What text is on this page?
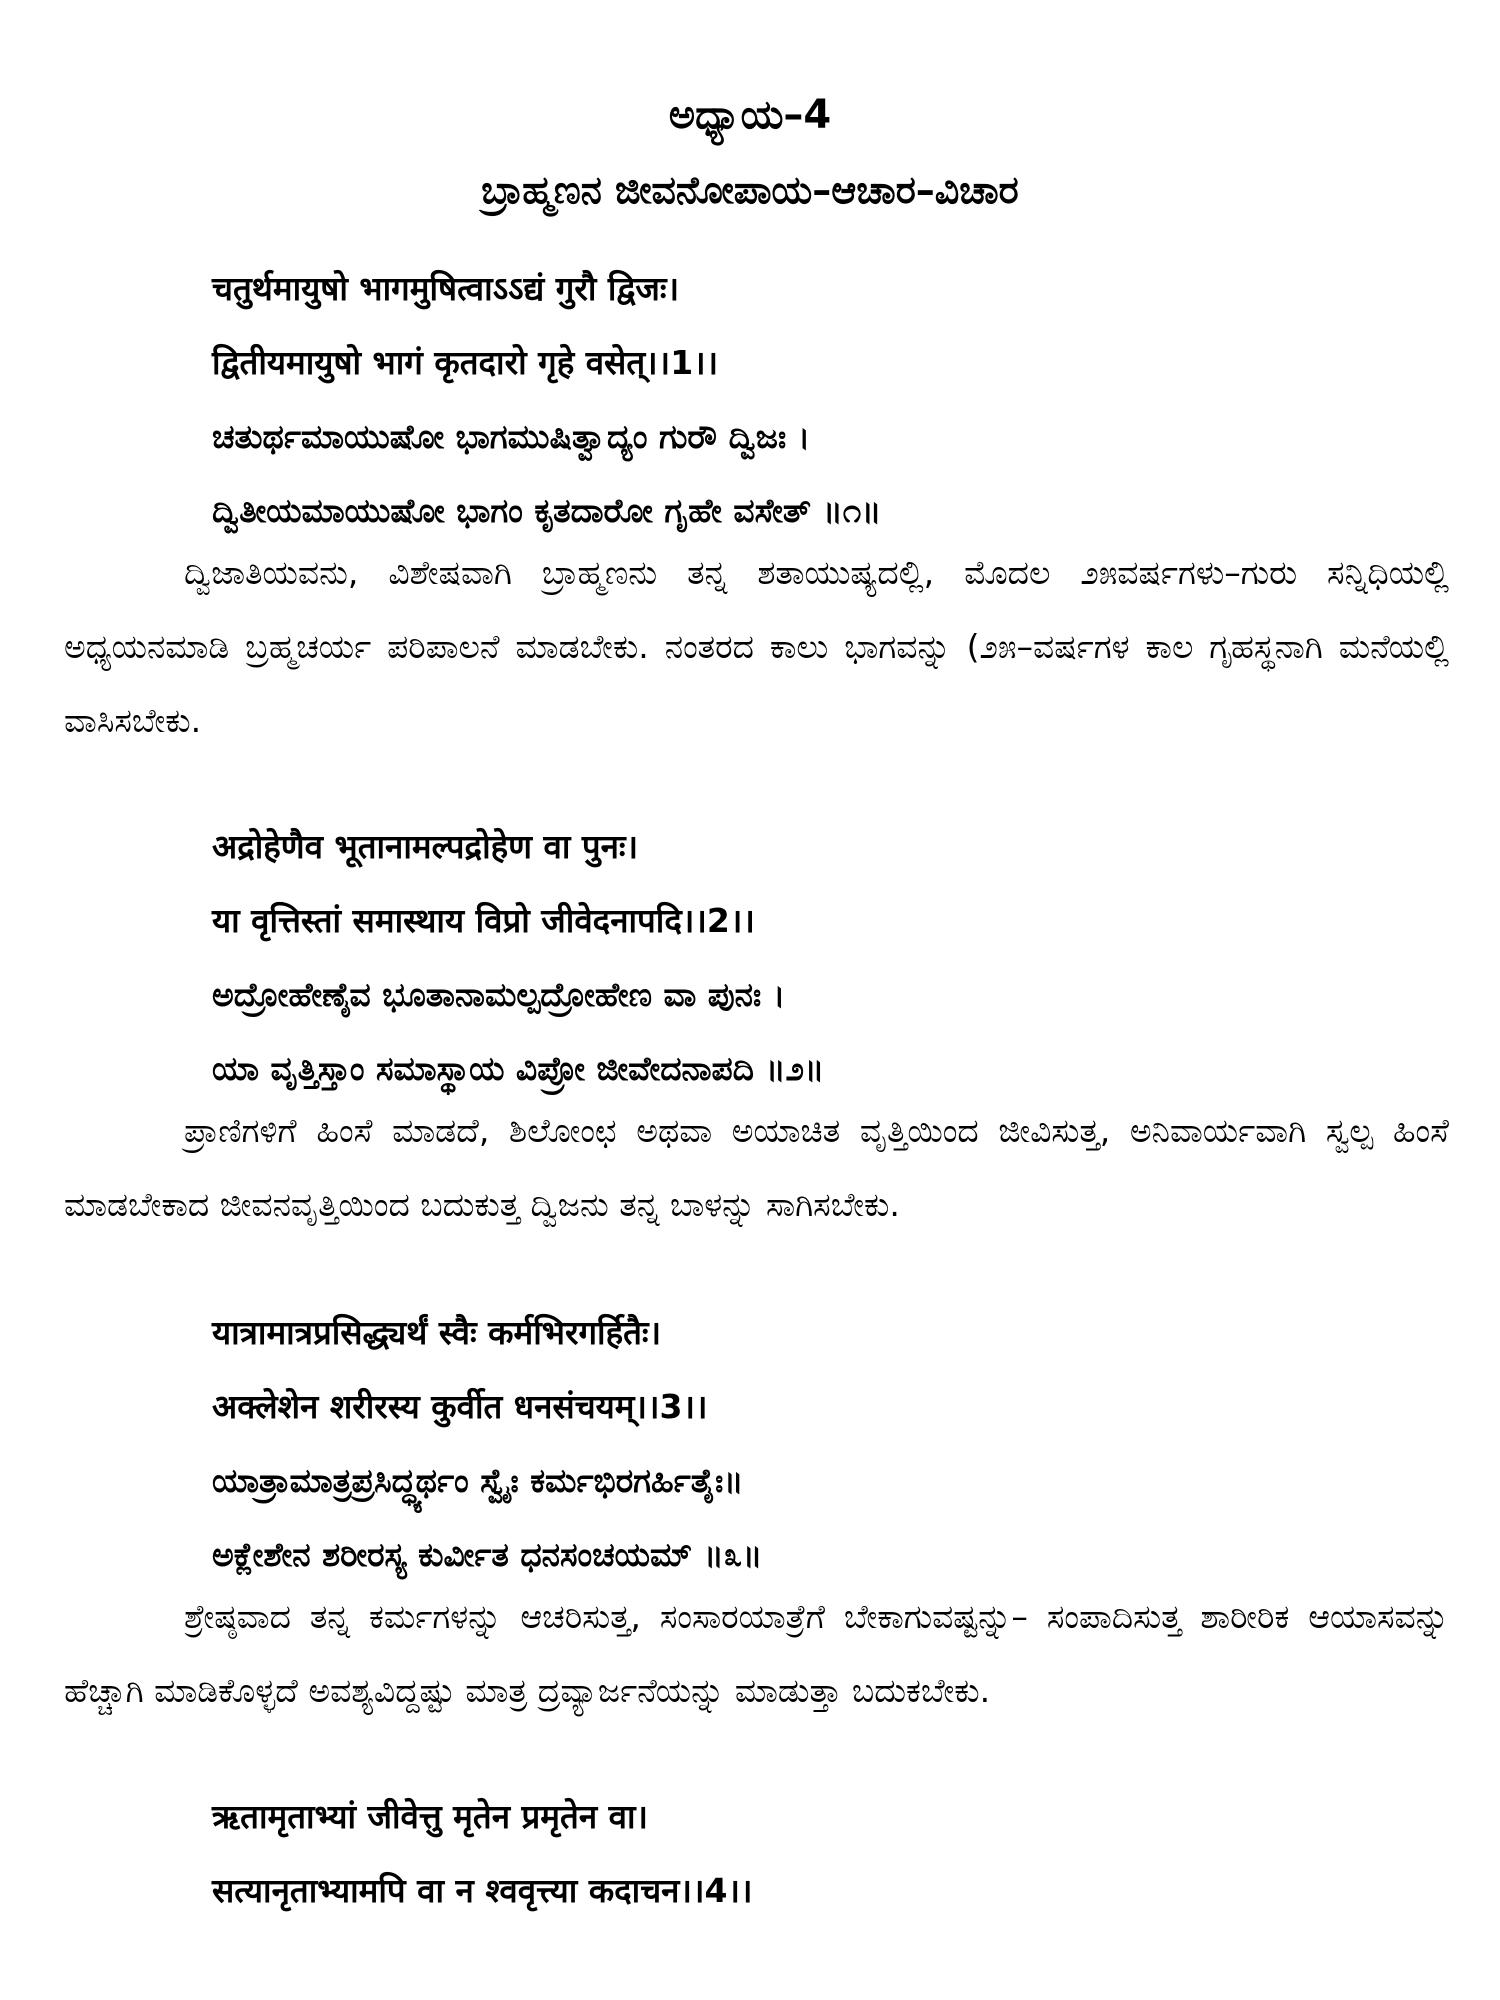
ಅಧ್ಯಾಯ–4
ಬ್ರಾಹ್ಮಣನ ಜೀವನೋಪಾಯ–ಆಚಾರ–ವಿಚಾರ
चतुर्थमायुषो भागमुषित्वाऽऽद्यं गुरौ द्विजः।
द्वितीयमायुषो भागं कृतदारो गृहे वसेत्।।1।।
ಚತುರ್ಥಮಾಯುಷೋ ಭಾಗಮುಷಿತ್ವಾದ್ಯಂ ಗುರೌ ದ್ವಿಜಃ ।
ದ್ವಿತೀಯಮಾಯುಷೋ ಭಾಗಂ ಕೃತದಾರೋ ಗೃಹೇ ವಸೇತ್ ॥೧॥
ದ್ವಿಜಾತಿಯವನು, ವಿಶೇಷವಾಗಿ ಬ್ರಾಹ್ಮಣನು ತನ್ನ ಶತಾಯುಷ್ಯದಲ್ಲಿ, ಮೊದಲ ೨೫ವರ್ಷಗಳು–ಗುರು ಸನ್ನಿಧಿಯಲ್ಲಿ ಅಧ್ಯಯನಮಾಡಿ ಬ್ರಹ್ಮಚರ್ಯ ಪರಿಪಾಲನೆ ಮಾಡಬೇಕು. ನಂತರದ ಕಾಲು ಭಾಗವನ್ನು (೨೫–ವರ್ಷಗಳ ಕಾಲ ಗೃಹಸ್ಥನಾಗಿ ಮನೆಯಲ್ಲಿ ವಾಸಿಸಬೇಕು.
अद्रोहेणैव भूतानामल्पद्रोहेण वा पुनः।
या वृत्तिस्तां समास्थाय विप्रो जीवेदनापदि।।2।।
ಅದ್ರೋಹೇಣೈವ ಭೂತಾನಾಮಲ್ಪದ್ರೋಹೇಣ ವಾ ಪುನಃ ।
ಯಾ ವೃತ್ತಿಸ್ತಾಂ ಸಮಾಸ್ಥಾಯ ವಿಪ್ರೋ ಜೀವೇದನಾಪದಿ ॥೨॥
ಪ್ರಾಣಿಗಳಿಗೆ ಹಿಂಸೆ ಮಾಡದೆ, ಶಿಲೋಂಛ ಅಥವಾ ಅಯಾಚಿತ ವೃತ್ತಿಯಿಂದ ಜೀವಿಸುತ್ತ, ಅನಿವಾರ್ಯವಾಗಿ ಸ್ವಲ್ಪ ಹಿಂಸೆ ಮಾಡಬೇಕಾದ ಜೀವನವೃತ್ತಿಯಿಂದ ಬದುಕುತ್ತ ದ್ವಿಜನು ತನ್ನ ಬಾಳನ್ನು ಸಾಗಿಸಬೇಕು.
यात्रामात्रप्रसिद्ध्यर्थं स्वैः कर्मभिरगर्हितैः।
अक्लेशेन शरीरस्य कुर्वीत धनसंचयम्।।3।।
ಯಾತ್ರಾಮಾತ್ರಪ್ರಸಿದ್ಧ್ಯರ್ಥಂ ಸ್ವೈಃ ಕರ್ಮಭಿರಗರ್ಹಿತೈಃ॥
ಅಕ್ಲೇಶೇನ ಶರೀರಸ್ಯ ಕುರ್ವೀತ ಧನಸಂಚಯಮ್ ॥೩॥
ಶ್ರೇಷ್ಠವಾದ ತನ್ನ ಕರ್ಮಗಳನ್ನು ಆಚರಿಸುತ್ತ, ಸಂಸಾರಯಾತ್ರೆಗೆ ಬೇಕಾಗುವಷ್ಟನ್ನು– ಸಂಪಾದಿಸುತ್ತ ಶಾರೀರಿಕ ಆಯಾಸವನ್ನು ಹೆಚ್ಚಾಗಿ ಮಾಡಿಕೊಳ್ಳದೆ ಅವಶ್ಯವಿದ್ದಷ್ಟು ಮಾತ್ರ ದ್ರವ್ಯಾರ್ಜನೆಯನ್ನು ಮಾಡುತ್ತಾ ಬದುಕಬೇಕು.
ऋतामृताभ्यां जीवेत्तु मृतेन प्रमृतेन वा।
सत्यानृताभ्यामपि वा न श्ववृत्त्या कदाचन।।4।।
